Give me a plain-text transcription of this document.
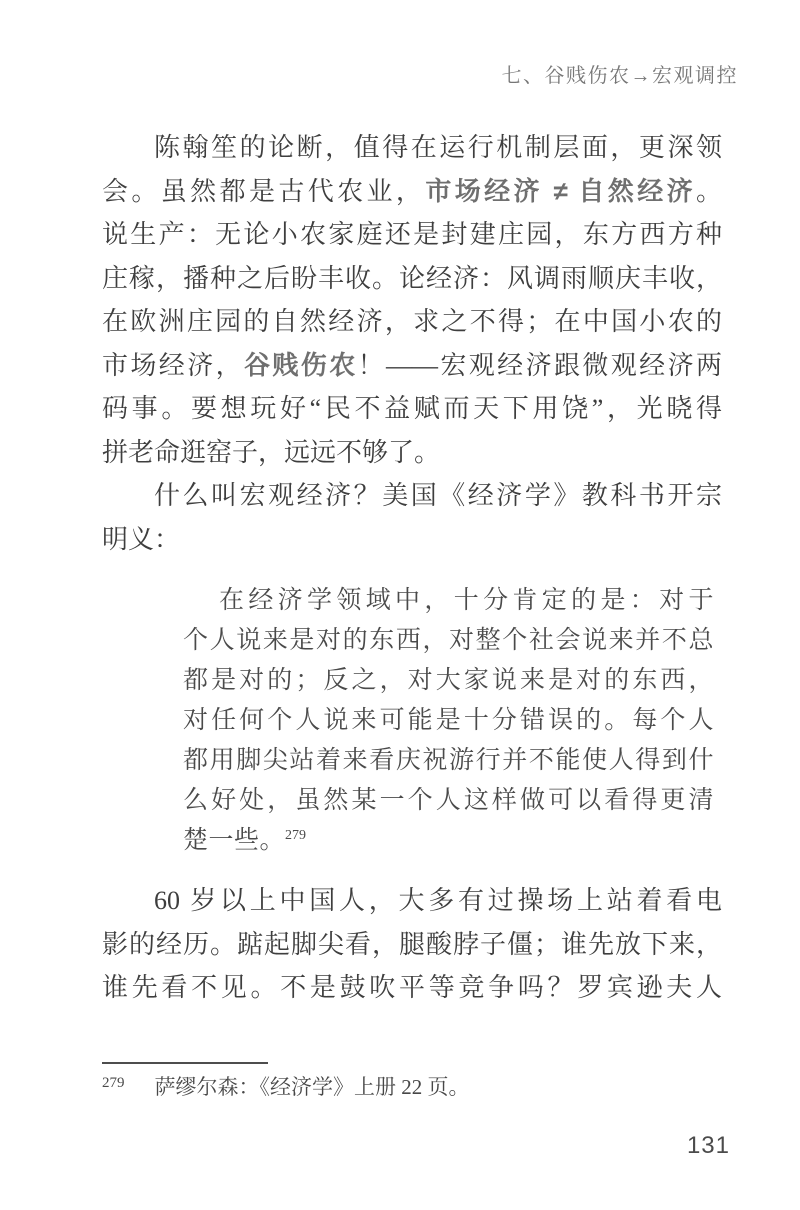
七、谷贱伤农→宏观调控
陈翰笙的论断，值得在运行机制层面，更深领
会。虽然都是古代农业，市场经济 ≠ 自然经济。
说生产：无论小农家庭还是封建庄园，东方西方种
庄稼，播种之后盼丰收。论经济：风调雨顺庆丰收，
在欧洲庄园的自然经济，求之不得；在中国小农的
市场经济，谷贱伤农！——宏观经济跟微观经济两
码事。要想玩好“民不益赋而天下用饶”，光晓得
拼老命逛窑子，远远不够了。
什么叫宏观经济？美国《经济学》教科书开宗
明义：
在经济学领域中，十分肯定的是：对于
个人说来是对的东西，对整个社会说来并不总
都是对的；反之，对大家说来是对的东西，
对任何个人说来可能是十分错误的。每个人
都用脚尖站着来看庆祝游行并不能使人得到什
么好处，虽然某一个人这样做可以看得更清
楚一些。$^{279}$
60 岁以上中国人，大多有过操场上站着看电
影的经历。踮起脚尖看，腿酸脖子僵；谁先放下来，
谁先看不见。不是鼓吹平等竞争吗？罗宾逊夫人
$^{279}$ 萨缪尔森：《经济学》上册 22 页。
131
